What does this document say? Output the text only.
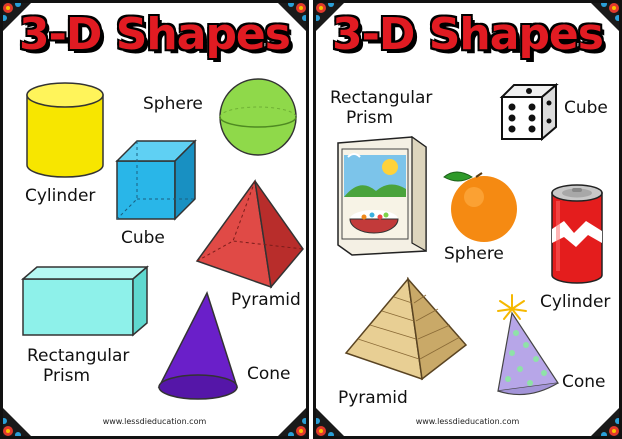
3-D Shapes
Cylinder
Sphere
Cube
Pyramid
Rectangular
Prism	Cone
www.lessdieducation.com
3-D Shapes
Rectangular
Prism	Cube
Sphere
Cylinder
Pyramid
Cone
www.lessdieducation.com
